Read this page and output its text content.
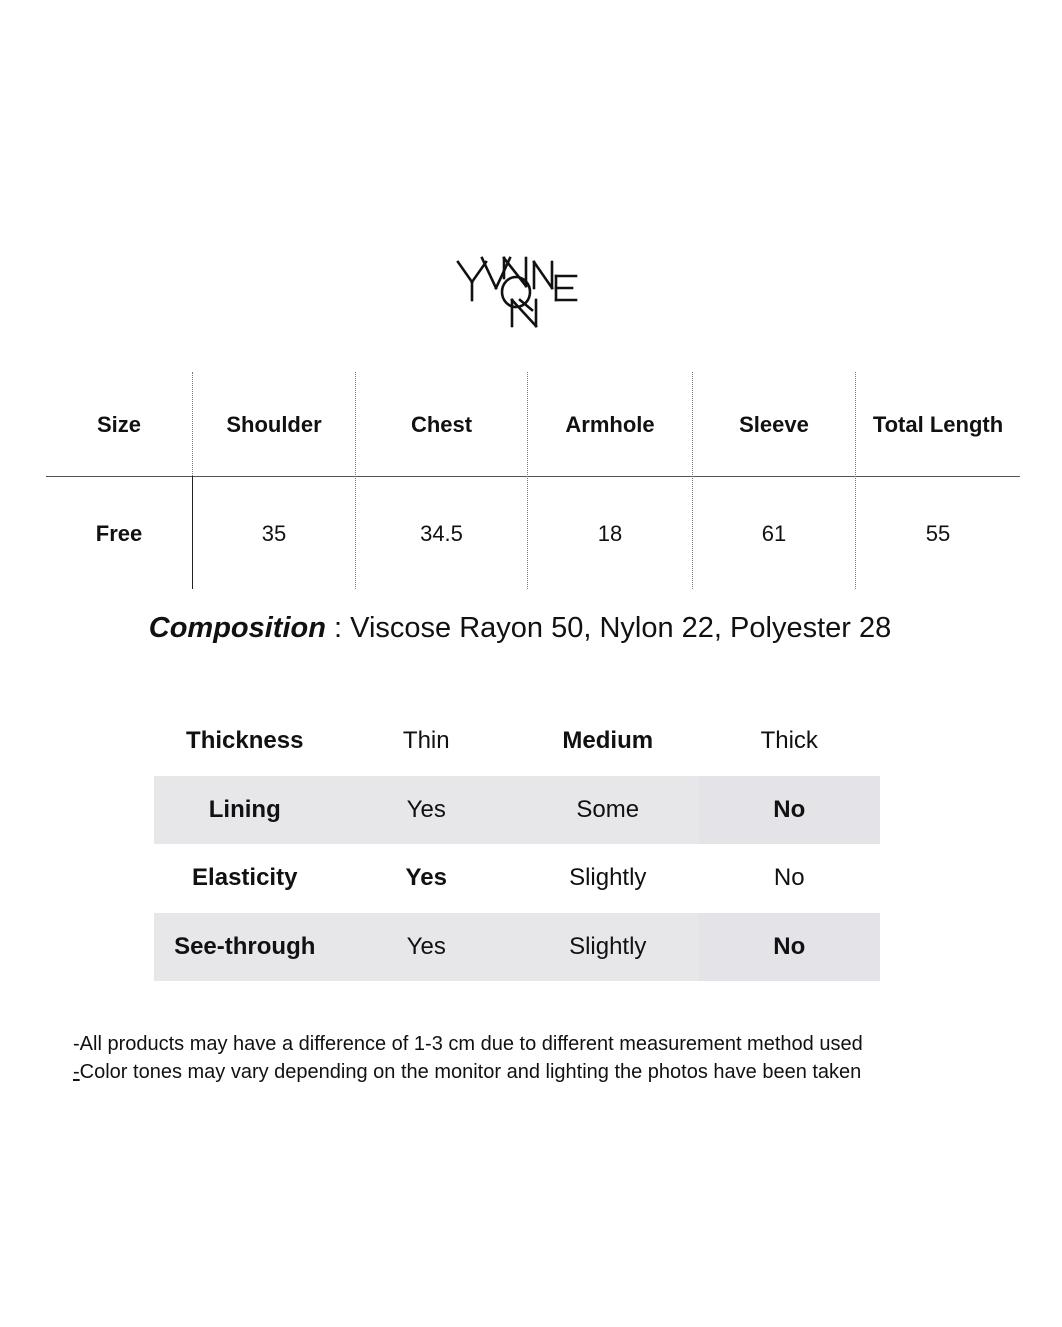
Size	Shoulder	Chest	Armhole	Sleeve	Total Length
Free	35	34.5	18	61	55
Composition : Viscose Rayon 50, Nylon 22, Polyester 28
Thickness	Thin	Medium	Thick
Lining	Yes	Some	No
Elasticity	Yes	Slightly	No
See-through	Yes	Slightly	No
-All products may have a difference of 1-3 cm due to different measurement method used
-Color tones may vary depending on the monitor and lighting the photos have been taken
